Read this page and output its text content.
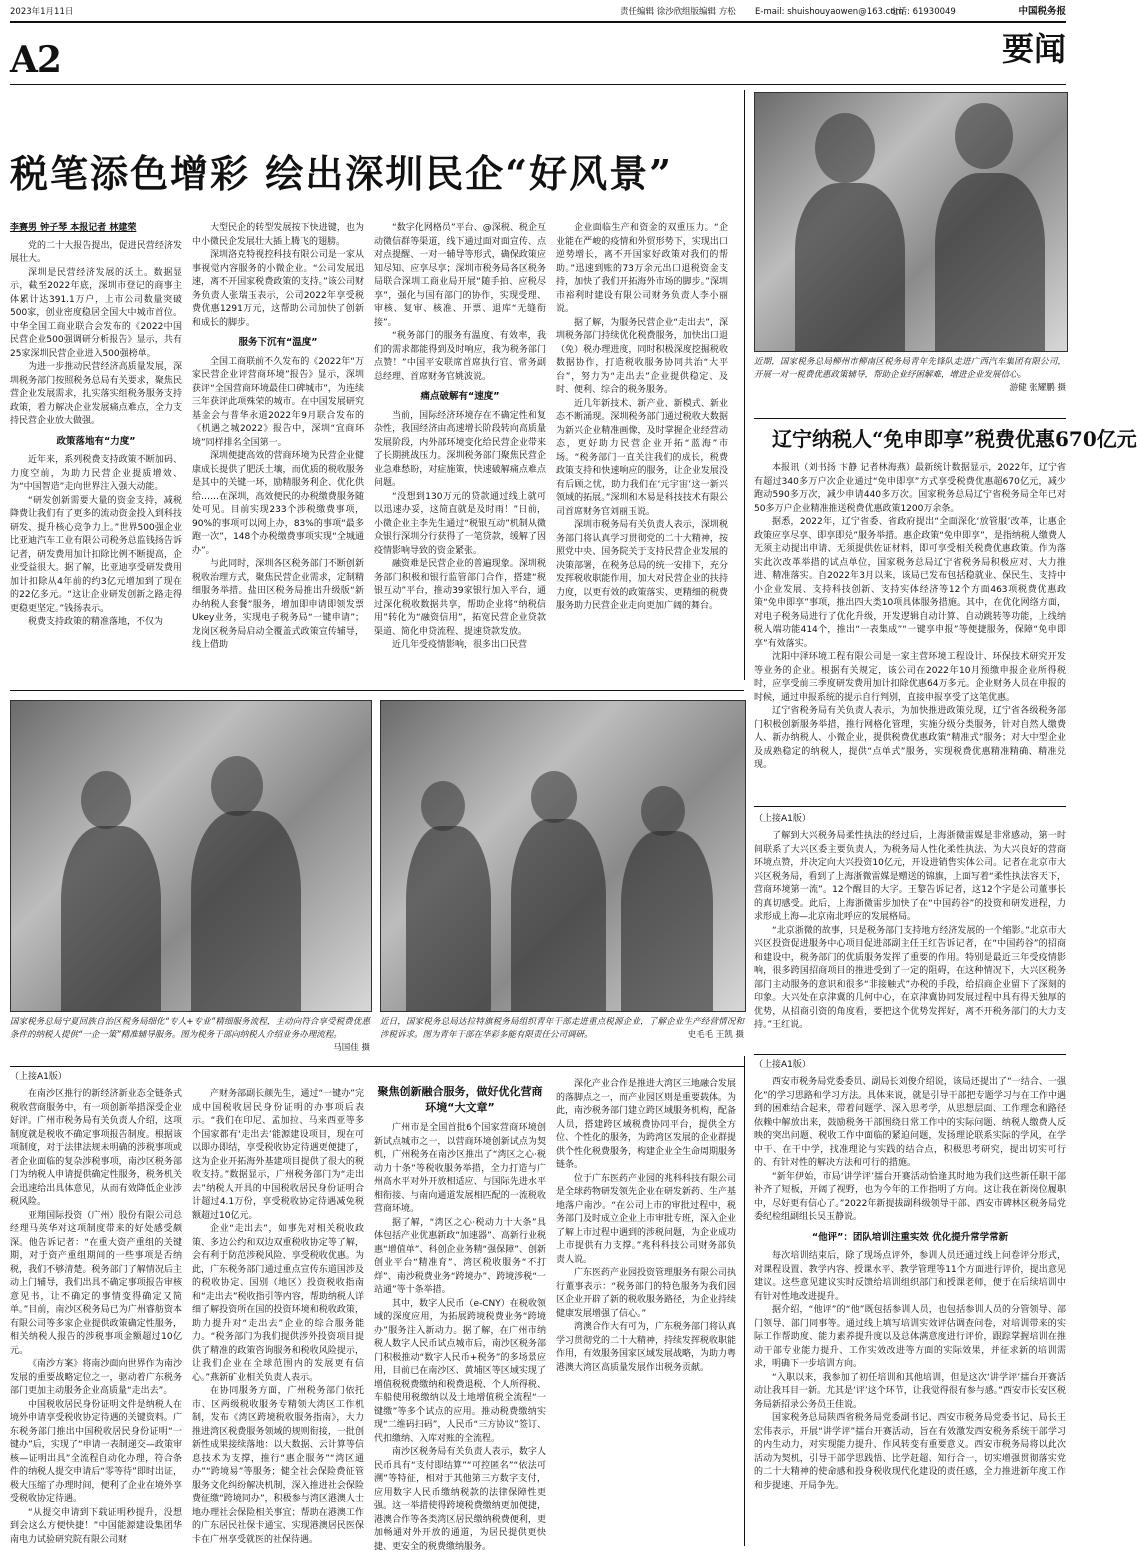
2023年1月11日	责任编辑 徐沙欣 组版编辑 方松 E-mail: shuishouyaowen@163.com
电话: 61930049	中国税务报
A2	要闻
税笔添色增彩 绘出深圳民企“好风景”
李赛男 钟子琴 本报记者 林建荣

党的二十大报告提出，促进民营经济发展壮大。

深圳是民营经济发展的沃土。数据显示，截至2022年底，深圳市登记的商事主体累计达391.1万户，上市公司数量突破500家，创业密度稳居全国大中城市首位。中华全国工商业联合会发布的《2022中国民营企业500强调研分析报告》显示，共有25家深圳民营企业进入500强榜单。

为进一步推动民营经济高质量发展，深圳税务部门按照税务总局有关要求，聚焦民营企业发展需求，扎实落实组税务服务支持政策，着力解决企业发展痛点难点，全力支持民营企业放大做强。

政策落地有“力度”

近年来，系列税费支持政策不断加码、力度空前，为助力民营企业提质增效、为“中国智造”走向世界注入强大动能。

“研发创新需要大量的资金支持，减税降费让我们有了更多的流动资金投入到科技研发、提升核心竞争力上。”世界500强企业比亚迪汽车工业有限公司税务总监钱扬告诉记者，研发费用加计扣除比例不断提高，企业受益很大。据了解，比亚迪享受研发费用加计扣除从4年前的约3亿元增加到了现在的22亿多元。“这让企业研发创新之路走得更稳更坚定。”钱扬表示。

税费支持政策的精准落地，不仅为

大型民企的转型发展按下快进键，也为中小微民企发展壮大插上腾飞的翅膀。

深圳洛克特视控科技有限公司是一家从事视觉内容服务的小微企业。“公司发展迅速，离不开国家税费政策的支持。”该公司财务负责人张瑞玉表示，公司2022年享受税费优惠1291万元，这帮助公司加快了创新和成长的脚步。

服务下沉有“温度”

全国工商联前不久发布的《2022年“万家民营企业评营商环境”报告》显示，深圳获评“全国营商环境最佳口碑城市”，为连续三年获评此项殊荣的城市。在中国发展研究基金会与普华永道2022年9月联合发布的《机遇之城2022》报告中，深圳“宜商环境”同样排名全国第一。

深圳便捷高效的营商环境为民营企业健康成长提供了肥沃土壤，而优质的税收服务是其中的关键一环，励精服务利企、优化供给……在深圳，高效便民的办税缴费服务随处可见。目前实现233个涉税缴费事项，90%的事项可以网上办，83%的事项“最多跑一次”，148个办税缴费事项实现“全城通办”。

与此同时，深圳各区税务部门不断创新税收治理方式，聚焦民营企业需求，定制精细服务举措。盐田区税务局推出升级版“新办纳税人套餐”服务，增加即申请即领发票Ukey业务，实现电子税务局“一键申请”；龙岗区税务局启动全覆盖式政策宣传辅导，线上借助

“数字化网格员”平台、@深税、税企互动微信群等渠道，线下通过面对面宣传、点对点提醒、一对一辅导等形式，确保政策应知尽知、应享尽享；深圳市税务局各区税务局联合深圳工商业局开展“随手拍、应税尽享”，强化与国有部门的协作，实现受理、审核、复审、核准、开票、退库“无缝衔接”。

“税务部门的服务有温度、有效率，我们的需求都能得到及时响应，我为税务部门点赞！”中国平安联席首席执行官、常务副总经理、首席财务官姚波说。

痛点破解有“速度”

当前，国际经济环境存在不确定性和复杂性，我国经济由高速增长阶段转向高质量发展阶段，内外部环境变化给民营企业带来了长期挑战压力。深圳税务部门聚焦民营企业急难愁盼，对症施策，快速破解痛点难点问题。

“没想到130万元的贷款通过线上就可以迅速办妥，这简直就是及时雨！”日前，小微企业主李先生通过“税银互动”机制从微众银行深圳分行获得了一笔贷款，缓解了因疫情影响导致的资金紧张。

融资难是民营企业的普遍现象。深圳税务部门积极和银行监管部门合作，搭建“税银互动”平台，推动39家银行加入平台，通过深化税收数据共享，帮助企业将“纳税信用”转化为“融资信用”，拓宽民营企业贷款渠道、简化申贷流程、提速贷款发放。

近几年受疫情影响，很多出口民营

企业面临生产和资金的双重压力。“企业能在严峻的疫情和外贸形势下，实现出口逆势增长，离不开国家好政策对我们的帮助。”迅速到账的73万余元出口退税资金支持，加快了我们开拓海外市场的脚步。”深圳市裕利时建设有限公司财务负责人李小丽说。

据了解，为服务民营企业“走出去”，深圳税务部门持续优化税费服务，加快出口退（免）税办理进度，同时积极深度挖掘税收数据协作，打造税收服务协同共治“大平台”，努力为“走出去”企业提供稳定、及时、便利、综合的税务服务。

近几年新技术、新产业、新模式、新业态不断涌现。深圳税务部门通过税收大数据为新兴企业精准画像，及时掌握企业经营动态，更好助力民营企业开拓“蓝海”市场。“税务部门一直关注我们的成长，税费政策支持和快速响应的服务，让企业发展没有后顾之忧，助力我们在‘元宇宙’这一新兴领域的拓展。”深圳和木易是科技技术有限公司首席财务官刘丽玉说。

深圳市税务局有关负责人表示，深圳税务部门将认真学习贯彻党的二十大精神，按照党中央、国务院关于支持民营企业发展的决策部署，在税务总局的统一安排下，充分发挥税收职能作用，加大对民营企业的扶持力度，以更有效的政策落实、更精细的税费服务助力民营企业走向更加广阔的舞台。

近期，国家税务总局柳州市柳南区税务局青年先锋队走进广西汽车集团有限公司，开展一对一税费优惠政策辅导，帮助企业纾困解难，增进企业发展信心。
游健 张耀鹏 摄
辽宁纳税人“免申即享”税费优惠670亿元

本报讯（刘书扬 卞静 记者林海燕）最新统计数据显示，2022年，辽宁省有超过340多万户次企业通过“免申即享”方式享受税费优惠超670亿元，减少跑动590多万次，减少申请440多万次。国家税务总局辽宁省税务局全年已对50多万户企业精准推送税费优惠政策1200万余条。

据悉，2022年，辽宁省委、省政府提出“全面深化‘放管服’改革，让惠企政策应享尽享、即享即兑”服务举措。惠企政策“免申即享”，是指纳税人缴费人无须主动提出申请、无须提供佐证材料，即可享受相关税费优惠政策。作为落实此次改革举措的试点单位，国家税务总局辽宁省税务局积极应对、大力推进、精准落实。自2022年3月以来，该局已发布包括稳就业、保民生、支持中小企业发展、支持科技创新、支持实体经济等12个方面463项税费优惠政策“免申即享”事项，推出四大类10项具体服务措施。其中，在优化网络方面，对电子税务局进行了优化升级，开发逻辑自动计算、自动跳转等功能，上线纳税人端功能414个，推出“一表集成”“一键享申报”等便捷服务，保障“免申即享”有效落实。

沈阳中泽环境工程有限公司是一家主营环境工程设计、环保技术研究开发等业务的企业。根据有关规定，该公司在2022年10月预缴申报企业所得税时，应享受前三季度研发费用加计扣除优惠64万多元。企业财务人员在申报的时候，通过申报系统的提示自行判别，直接申报享受了这笔优惠。

辽宁省税务局有关负责人表示，为加快推进政策兑现，辽宁省各级税务部门积极创新服务举措，推行网格化管理，实施分级分类服务，针对自然人缴费人、新办纳税人、小微企业，提供税费优惠政策“精准式”服务；对大中型企业及成熟稳定的纳税人，提供“点单式”服务，实现税费优惠精准精确、精准兑现。

（上接A1版）

了解到大兴税务局柔性执法的经过后，上海浙微雷媒是非常感动，第一时间联系了大兴区委主要负责人，为税务局人性化柔性执法、为大兴良好的营商环境点赞，并决定向大兴投资10亿元，开设进销售实体公司。记者在北京市大兴区税务局，看到了上海浙微雷媒是赠送的锦旗，上面写着“柔性执法容天下，营商环境第一流”。12个醒目的大字。王黎告诉记者，这12个字是公司董事长的真切感受。此后，上海浙微雷步加快了在“中国药谷”的投资和研发进程，力求形成上海—北京南北呼应的发展格局。

“北京浙微的故事，只是税务部门支持地方经济发展的一个缩影。”北京市大兴区投资促进服务中心项目促进部副主任王红告诉记者，在“中国药谷”的招商和建设中，税务部门的优质服务发挥了重要的作用。特别是最近三年受疫情影响，很多跨国招商项目的推进受到了一定的阻碍，在这种情况下，大兴区税务部门主动服务的意识和很多“非接触式”办税的手段，给招商企业留下了深刻的印象。大兴处在京津冀的几何中心，在京津冀协同发展过程中具有得天独厚的优势，从招商引资的角度看，要把这个优势发挥好，离不开税务部门的大力支持。”王红说。

国家税务总局宁夏回族自治区税务局细化“专人+专业”精细服务流程，主动向符合享受税费优惠条件的纳税人提供“一企一策”精准辅导服务。图为税务干部向纳税人介绍业务办理流程。
马国佳 摄
近日，国家税务总局达拉特旗税务局组织青年干部走进重点税源企业，了解企业生产经营情况和涉税诉求。图为青年干部在华彩多能有限责任公司调研。	史毛毛 王凯 摄
（上接A1版）

在南沙区推行的新经济新业态全链条式税收营商服务中，有一项创新举措深受企业好评。广州市税务局有关负责人介绍，这项制度就是税收不确定事项报告制度。根据该项制度，对于法律法规未明确的涉税事项或者企业面临的复杂涉税事项，南沙区税务部门为纳税人申请提供确定性服务，税务机关会迅速给出具体意见，从而有效降低企业涉税风险。

亚翔国际投资（广州）股份有限公司总经理马英华对这项制度带来的好处感受颇深。他告诉记者：“在重大资产重组的关键期，对于资产重组期间的一些事项是否纳税，我们不够清楚。税务部门了解情况后主动上门辅导，我们出具不确定事项报告审核意见书，让不确定的事情变得确定又简单。”目前，南沙区税务局已为广州睿舫资本有限公司等多家企业提供政策确定性服务，相关纳税人报告的涉税事项金额超过10亿元。

《南沙方案》将南沙面向世界作为南沙发展的重要战略定位之一，驱动着广东税务部门更加主动服务企业高质量“走出去”。

中国税收居民身份证明文件是纳税人在境外申请享受税收协定待遇的关键资料。广东税务部门推出中国税收居民身份证明“一键办”后，实现了“申请一表制递交—政策审核—证明出具”全流程自动化办理，符合条件的纳税人提交申请后“零等待”即时出证，极大压缩了办理时间，便利了企业在境外享受税收协定待遇。

“从提交申请到下载证明秒提升，没想到会这么方便快捷！”中国能源建设集团华南电力试验研究院有限公司财

产财务部副长颜先生，通过“一键办”完成中国税收居民身份证明的办事项后表示。“我们在印尼、孟加拉、马来西亚等多个国家都有‘走出去’能源建设项目，现在可以即办即结，享受税收协定待遇更便捷了，这为企业开拓海外基建项目提供了很大的税收支持。”数据显示，广州税务部门为“走出去”纳税人开具的中国税收居民身份证明合计超过4.1万份，享受税收协定待遇减免税额超过10亿元。

企业“走出去”，如事先对相关税收政策、多边公约和双边双重税收协定等了解，会有利于防范涉税风险、享受税收优惠。为此，广东税务部门通过重点宣传东道国涉及的税收协定、国别（地区）投资税收指南和“走出去”税收指引等内容，帮助纳税人详细了解投资所在国的投资环境和税收政策，助力提升对“走出去”企业的综合服务能力。“税务部门为我们提供涉外投资项目提供了精准的政策咨询服务和税收风险提示，让我们企业在全球范围内的发展更有信心。”燕新矿业相关负责人表示。

在协同服务方面，广州税务部门依托市、区两级税收服务专精领大湾区工作机制，发布《湾区跨境税收服务指南》，大力推进湾区税费服务领域的规则衔接，一批创新性成果接续落地：以大数据、云计算等信息技术为支撑，推行“惠企服务”“湾区通办”“跨境易”等服务；健全社会保险费征管服务文化纠纷解决机制，深入推进社会保险费征缴“跨境同办”，积极参与湾区港澳人士地办理社会保险相关事宜；帮助在港澳工作的广东居民社保卡通宝、实现港澳居民医保卡在广州享受就医的社保待遇。

聚焦创新融合服务，做好优化营商环境“大文章”

广州市是全国首批6个国家营商环境创新试点城市之一，以营商环境创新试点为契机，广州税务在南沙区推出了“湾区之心·税动力十条”等税收服务举措，全力打造与广州高水平对外开放相适应、与国际先进水平相衔接、与南向通道发展相匹配的一流税收营商环境。

据了解，“湾区之心·税动力十大条”具体包括产业优惠新政“加速器”、高新行业税惠“增值单”、科创企业务精“强保障”、创新创业平台“精准育”、湾区税收服务“不打烊”、南沙税费业务“跨境办”、跨境涉税“一站通”等十条举措。

其中，数字人民币（e-CNY）在税收领域的深度应用，为拓展跨境税费业务“跨境办”服务注入新动力。据了解，在广州市纳税人数字人民币试点城市后，南沙区税务部门积极推动“数字人民币+税务”的多场景应用，目前已在南沙区、黄埔区等区域实现了增值税税费缴纳和税费退税、个人所得税、车船使用税缴纳以及土地增值税全流程“一键缴”等多个试点的应用。推动税费缴纳实现“二维码扫码”，人民币“三方协议”签订、代扣缴纳、入库对账的全流程。

南沙区税务局有关负责人表示，数字人民币具有“支付即结算”“可控匿名”“依法可溯”等特征，相对于其他第三方数字支付，应用数字人民币缴纳税款的法律保障性更强。这一举措使得跨境税费缴纳更加便捷，港澳合作等各类湾区居民缴纳税费便利，更加畅通对外开放的通道，为居民提供更快捷、更安全的税费缴纳服务。

深化产业合作是推进大湾区三地融合发展的落脚点之一，而产业园区则是重要载体。为此，南沙税务部门建立跨区域服务机构，配备人员，搭建跨区域税费协同平台，提供全方位、个性化的服务，为跨湾区发展的企业群提供个性化税费服务，构建企业全生命周期服务链条。

位于广东医药产业园的兆科科技有限公司是全球药物研发领先企业在研发新药、生产基地落户南沙。“在公司上市的审批过程中，税务部门及时成立企业上市审批专班，深入企业了解上市过程中遇到的涉税问题，为企业成功上市提供有力支撑。”兆科科技公司财务部负责人说。

广东医药产业园投资管理服务有限公司执行董事表示：“税务部门的特色服务为我们园区企业开辟了新的税收服务路径，为企业持续健康发展增强了信心。”

湾澳合作大有可为，广东税务部门将认真学习贯彻党的二十大精神，持续发挥税收职能作用，有效服务国家区域发展战略，为助力粤港澳大湾区高质量发展作出税务贡献。

（上接A1版）

西安市税务局党委委员、副局长刘俊介绍说，该局还提出了“一结合、一强化”的学习思路和学习方法。具体来说，就是引导干部把专题学习与在工作中遇到的困难结合起来，带着问题学、深入思考学，从思想层面、工作理念和路径依赖中解放出来，鼓励税务干部围绕日常工作中的实际问题、纳税人缴费人反映的突出问题、税收工作中面临的紧迫问题，发扬理论联系实际的学风，在学中干、在干中学，找准理论与实践的结合点，积极思考研究，提出切实可行的、有针对性的解决方法和可行的措施。

“新年伊始，市局‘讲学评’擂台开赛活动恰逢其时地为我们这些新任职干部补齐了短板，开阔了视野，也为今年的工作指明了方向。这让我在新岗位履职中，尽好更有信心了。”2022年新提拔副科级领导干部、西安市碑林区税务局党委纪检组副组长吴玉静说。

“他评”：团队培训注重实效 优化提升常学常新

每次培训结束后，除了现场点评外，参训人员还通过线上问卷评分形式，对课程设置、教学内容、授课水平、教学管理等11个方面进行评价，提出意见建议。这些意见建议实时反馈给培训组织部门和授课老师，便于在后续培训中有针对性地改进提升。

据介绍，“他评”的“他”既包括参训人员，也包括参训人员的分管领导、部门领导、部门同事等。通过线上填写培训实效评估调查问卷，对培训带来的实际工作帮助度、能力素养提升度以及总体满意度进行评价，跟踪掌握培训在推动干部专业能力提升、工作实效改进等方面的实际效果，并征求新的培训需求，明确下一步培训方向。

“入职以来，我参加了初任培训和其他培训，但是这次‘讲学评’擂台开赛活动让我耳目一新。尤其是‘评’这个环节，让我觉得很有参与感。”西安市长安区税务局新招录公务员王佳说。

国家税务总局陕西省税务局党委副书记、西安市税务局党委书记、局长王宏伟表示，开展“讲学评”擂台开赛活动，旨在有效激发西安税务系统干部学习的内生动力，对实现能力提升、作风转变有重要意义。西安市税务局将以此次活动为契机，引导干部学思践悟、比学赶超、知行合一，切实增强贯彻落实党的二十大精神的使命感和投身税收现代化建设的责任感，全力推进新年度工作和步提速、开局争先。
